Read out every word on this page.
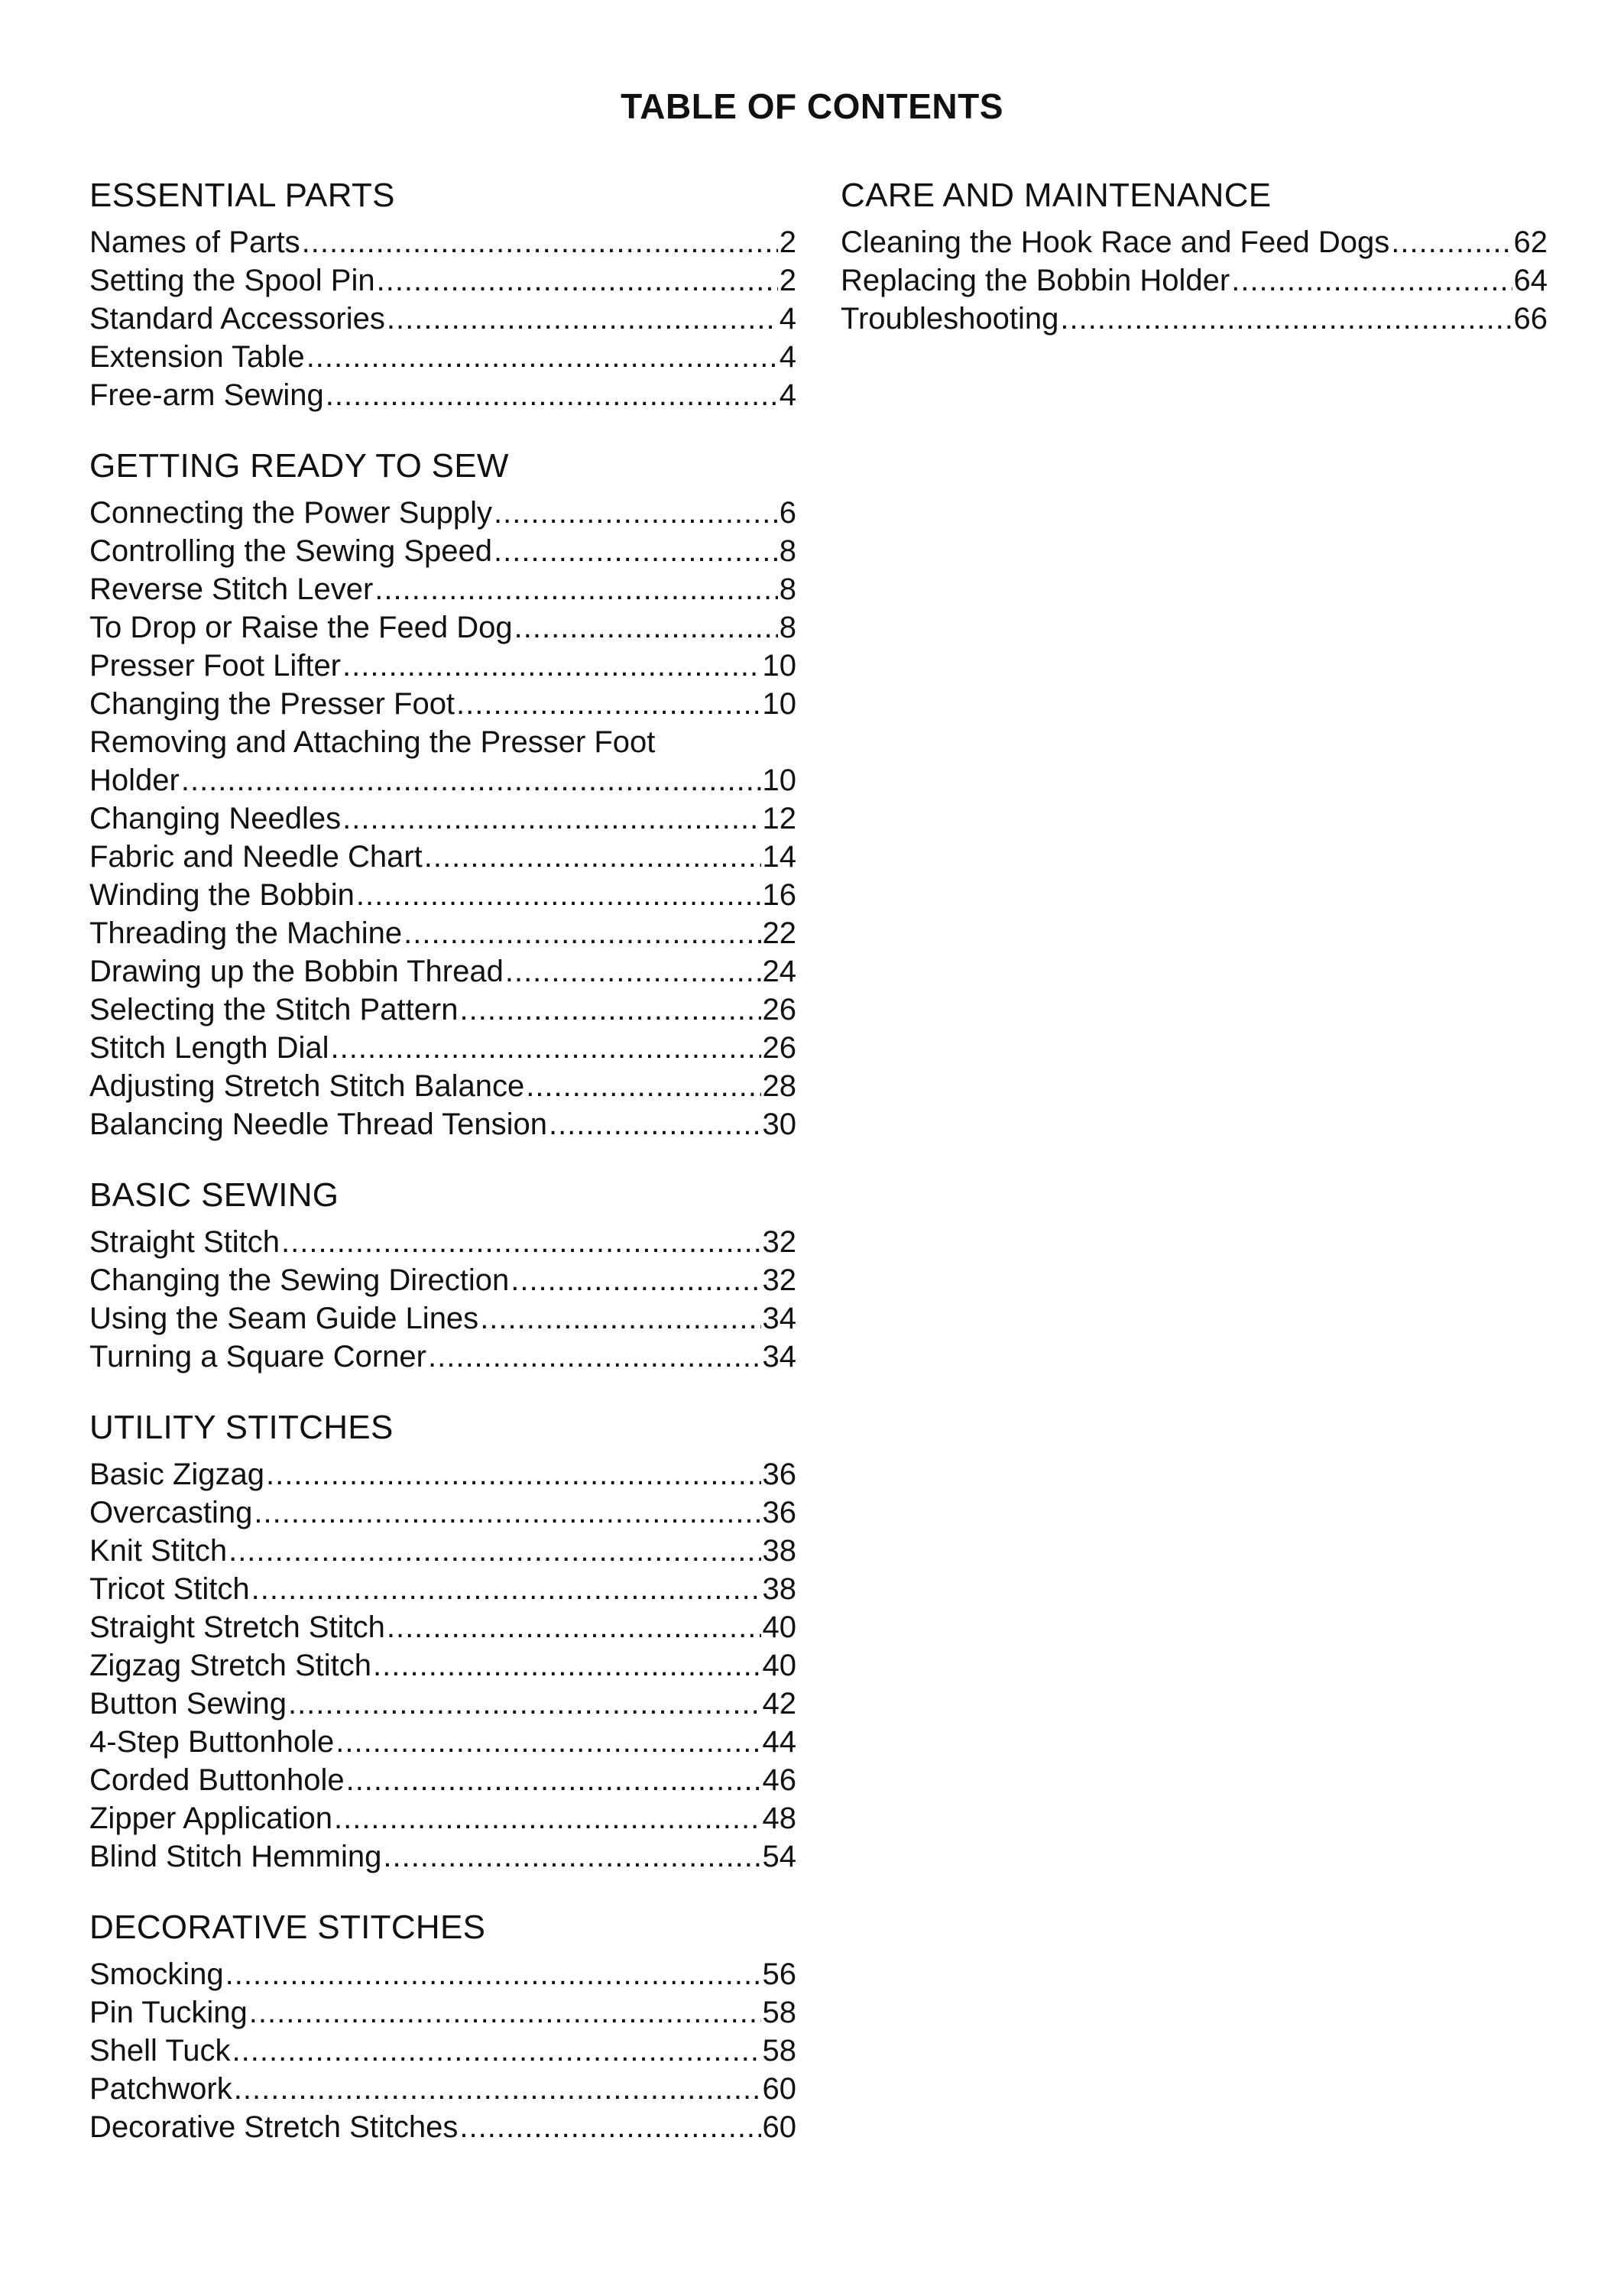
TABLE OF CONTENTS
ESSENTIAL PARTS
Names of Parts .....	2
Setting the Spool Pin .....	2
Standard Accessories .....	4
Extension Table .....	4
Free-arm Sewing .....	4
GETTING READY TO SEW
Connecting the Power Supply .....	6
Controlling the Sewing Speed .....	8
Reverse Stitch Lever .....	8
To Drop or Raise the Feed Dog .....	8
Presser Foot Lifter .....	10
Changing the Presser Foot .....	10
Removing and Attaching the Presser Foot
Holder .....	10
Changing Needles .....	12
Fabric and Needle Chart .....	14
Winding the Bobbin .....	16
Threading the Machine .....	22
Drawing up the Bobbin Thread .....	24
Selecting the Stitch Pattern .....	26
Stitch Length Dial .....	26
Adjusting Stretch Stitch Balance .....	28
Balancing Needle Thread Tension .....	30
BASIC SEWING
Straight Stitch .....	32
Changing the Sewing Direction .....	32
Using the Seam Guide Lines .....	34
Turning a Square Corner .....	34
UTILITY STITCHES
Basic Zigzag .....	36
Overcasting .....	36
Knit Stitch .....	38
Tricot Stitch .....	38
Straight Stretch Stitch .....	40
Zigzag Stretch Stitch .....	40
Button Sewing .....	42
4-Step Buttonhole .....	44
Corded Buttonhole .....	46
Zipper Application .....	48
Blind Stitch Hemming .....	54
DECORATIVE STITCHES
Smocking .....	56
Pin Tucking .....	58
Shell Tuck .....	58
Patchwork .....	60
Decorative Stretch Stitches .....	60
CARE AND MAINTENANCE
Cleaning the Hook Race and Feed Dogs .....	62
Replacing the Bobbin Holder .....	64
Troubleshooting .....	66
